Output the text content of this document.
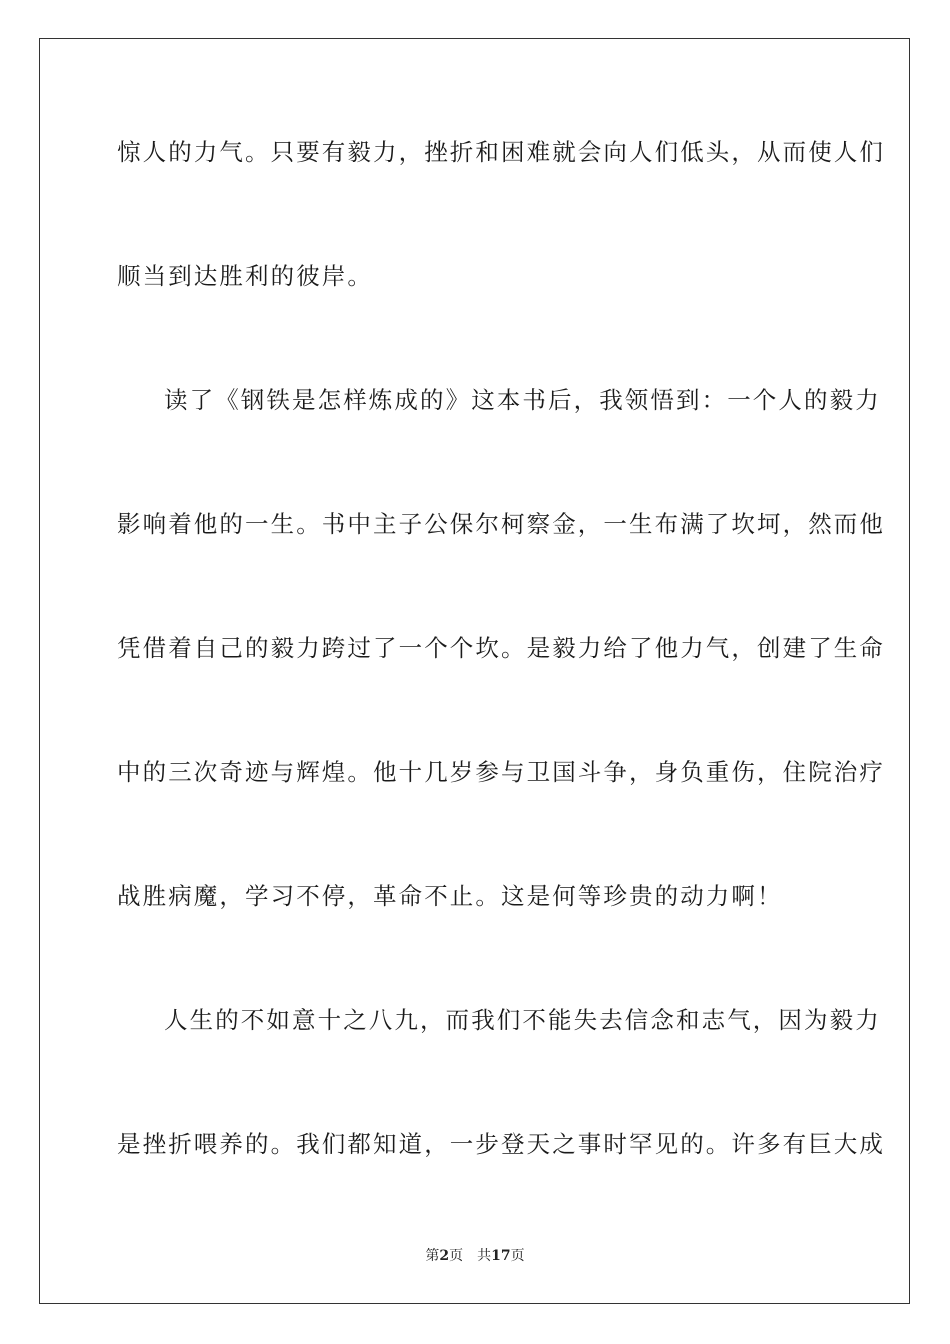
惊人的力气。只要有毅力，挫折和困难就会向人们低头，从而使人们
顺当到达胜利的彼岸。
读了《钢铁是怎样炼成的》这本书后，我领悟到：一个人的毅力
影响着他的一生。书中主子公保尔柯察金，一生布满了坎坷，然而他
凭借着自己的毅力跨过了一个个坎。是毅力给了他力气，创建了生命
中的三次奇迹与辉煌。他十几岁参与卫国斗争，身负重伤，住院治疗
战胜病魔，学习不停，革命不止。这是何等珍贵的动力啊！
人生的不如意十之八九，而我们不能失去信念和志气，因为毅力
是挫折喂养的。我们都知道，一步登天之事时罕见的。许多有巨大成
第2页 共17页
